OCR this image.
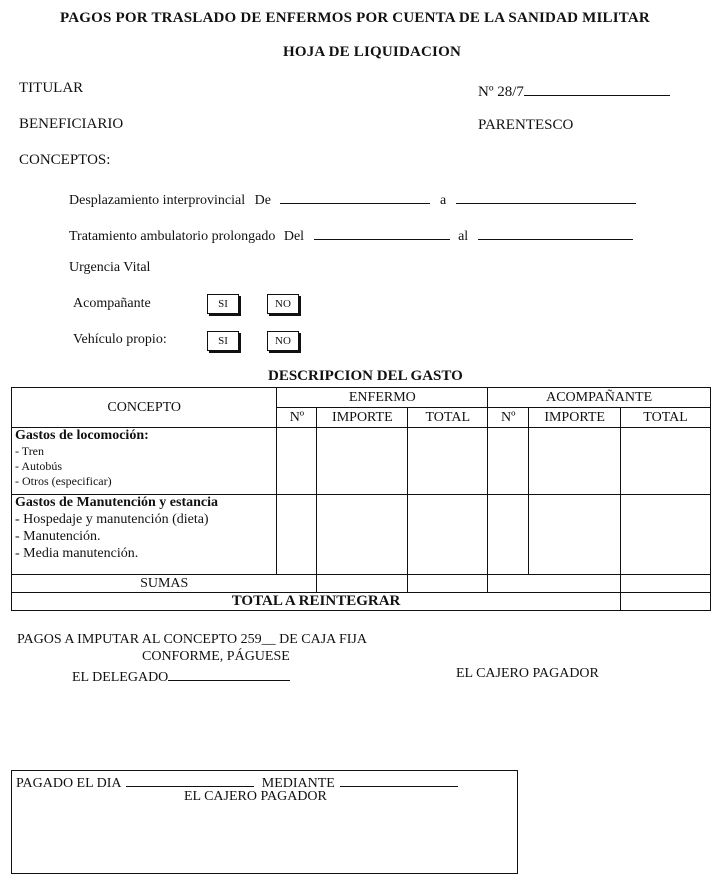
PAGOS POR TRASLADO DE ENFERMOS POR CUENTA DE LA SANIDAD MILITAR
HOJA DE LIQUIDACION
TITULAR	Nº 28/7
BENEFICIARIO	PARENTESCO
CONCEPTOS:
Desplazamiento interprovincial De	a
Tratamiento ambulatorio prolongado Del	al
Urgencia Vital
Acompañante	SI	NO
Vehículo propio:	SI	NO
DESCRIPCION DEL GASTO
CONCEPTO	ENFERMO			ACOMPAÑANTE		
	Nº	IMPORTE	TOTAL	Nº	IMPORTE	TOTAL

Gastos de locomoción:
- Tren
- Autobús
- Otros (especificar)						

Gastos de Manutención y estancia
- Hospedaje y manutención (dieta)
- Manutención.
- Media manutención.						

SUMAS						
TOTAL A REINTEGRAR						
PAGOS A IMPUTAR AL CONCEPTO 259__ DE CAJA FIJA
CONFORME, PÁGUESE
EL DELEGADO	EL CAJERO PAGADOR
PAGADO EL DIA	MEDIANTE
EL CAJERO PAGADOR
